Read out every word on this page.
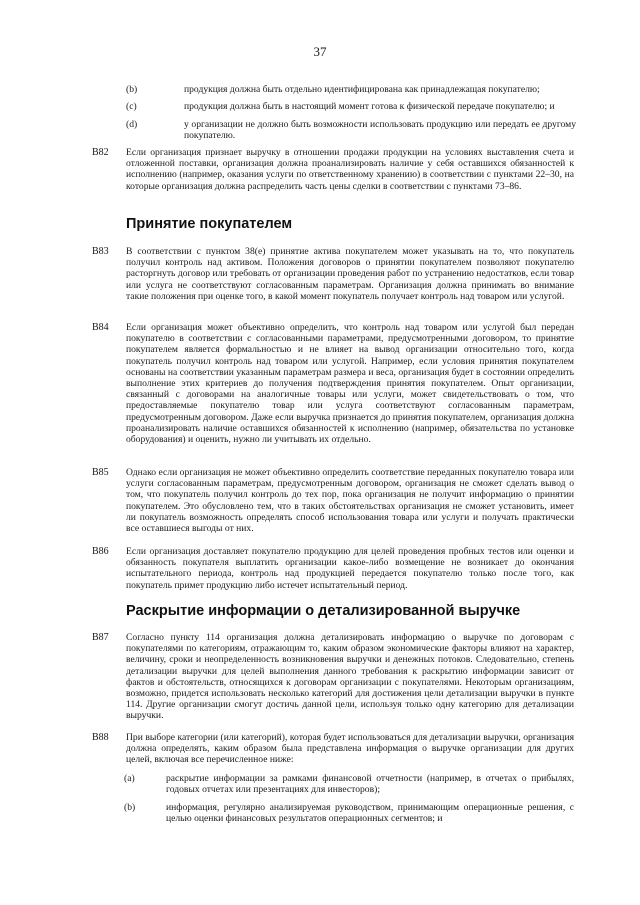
37
(b)	продукция должна быть отдельно идентифицирована как принадлежащая покупателю;
(c)	продукция должна быть в настоящий момент готова к физической передаче покупателю; и
(d)	у организации не должно быть возможности использовать продукцию или передать ее другому покупателю.
B82 Если организация признает выручку в отношении продажи продукции на условиях выставления счета и отложенной поставки, организация должна проанализировать наличие у себя оставшихся обязанностей к исполнению (например, оказания услуги по ответственному хранению) в соответствии с пунктами 22–30, на которые организация должна распределить часть цены сделки в соответствии с пунктами 73–86.
Принятие покупателем
B83 В соответствии с пунктом 38(е) принятие актива покупателем может указывать на то, что покупатель получил контроль над активом. Положения договоров о принятии покупателем позволяют покупателю расторгнуть договор или требовать от организации проведения работ по устранению недостатков, если товар или услуга не соответствуют согласованным параметрам. Организация должна принимать во внимание такие положения при оценке того, в какой момент покупатель получает контроль над товаром или услугой.
B84 Если организация может объективно определить, что контроль над товаром или услугой был передан покупателю в соответствии с согласованными параметрами, предусмотренными договором, то принятие покупателем является формальностью и не влияет на вывод организации относительно того, когда покупатель получил контроль над товаром или услугой. Например, если условия принятия покупателем основаны на соответствии указанным параметрам размера и веса, организация будет в состоянии определить выполнение этих критериев до получения подтверждения принятия покупателем. Опыт организации, связанный с договорами на аналогичные товары или услуги, может свидетельствовать о том, что предоставляемые покупателю товар или услуга соответствуют согласованным параметрам, предусмотренным договором. Даже если выручка признается до принятия покупателем, организация должна проанализировать наличие оставшихся обязанностей к исполнению (например, обязательства по установке оборудования) и оценить, нужно ли учитывать их отдельно.
B85 Однако если организация не может объективно определить соответствие переданных покупателю товара или услуги согласованным параметрам, предусмотренным договором, организация не сможет сделать вывод о том, что покупатель получил контроль до тех пор, пока организация не получит информацию о принятии покупателем. Это обусловлено тем, что в таких обстоятельствах организация не сможет установить, имеет ли покупатель возможность определять способ использования товара или услуги и получать практически все оставшиеся выгоды от них.
B86 Если организация доставляет покупателю продукцию для целей проведения пробных тестов или оценки и обязанность покупателя выплатить организации какое-либо возмещение не возникает до окончания испытательного периода, контроль над продукцией передается покупателю только после того, как покупатель примет продукцию либо истечет испытательный период.
Раскрытие информации о детализированной выручке
B87 Согласно пункту 114 организация должна детализировать информацию о выручке по договорам с покупателями по категориям, отражающим то, каким образом экономические факторы влияют на характер, величину, сроки и неопределенность возникновения выручки и денежных потоков. Следовательно, степень детализации выручки для целей выполнения данного требования к раскрытию информации зависит от фактов и обстоятельств, относящихся к договорам организации с покупателями. Некоторым организациям, возможно, придется использовать несколько категорий для достижения цели детализации выручки в пункте 114. Другие организации смогут достичь данной цели, используя только одну категорию для детализации выручки.
B88 При выборе категории (или категорий), которая будет использоваться для детализации выручки, организация должна определять, каким образом была представлена информация о выручке организации для других целей, включая все перечисленное ниже:
(a)	раскрытие информации за рамками финансовой отчетности (например, в отчетах о прибылях, годовых отчетах или презентациях для инвесторов);
(b)	информация, регулярно анализируемая руководством, принимающим операционные решения, с целью оценки финансовых результатов операционных сегментов; и
